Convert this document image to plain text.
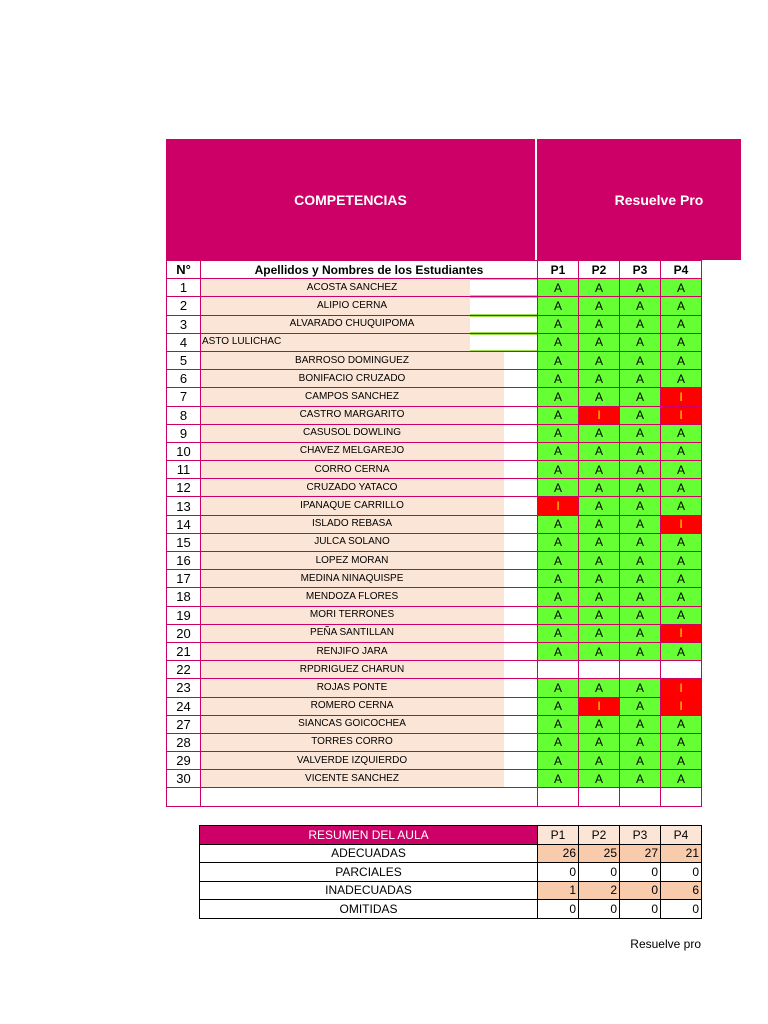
COMPETENCIAS	Resuelve Pro
N°	Apellidos y Nombres de los Estudiantes	P1	P2	P3	P4
1	ACOSTA SANCHEZ	A	A	A	A
2	ALIPIO CERNA	A	A	A	A
3	ALVARADO CHUQUIPOMA	A	A	A	A
4	ASTO LULICHAC	A	A	A	A
5	BARROSO DOMINGUEZ	A	A	A	A
6	BONIFACIO CRUZADO	A	A	A	A
7	CAMPOS SANCHEZ	A	A	A	I
8	CASTRO MARGARITO	A	I	A	I
9	CASUSOL DOWLING	A	A	A	A
10	CHAVEZ MELGAREJO	A	A	A	A
11	CORRO CERNA	A	A	A	A
12	CRUZADO YATACO	A	A	A	A
13	IPANAQUE CARRILLO	I	A	A	A
14	ISLADO REBASA	A	A	A	I
15	JULCA SOLANO	A	A	A	A
16	LOPEZ MORAN	A	A	A	A
17	MEDINA NINAQUISPE	A	A	A	A
18	MENDOZA FLORES	A	A	A	A
19	MORI TERRONES	A	A	A	A
20	PEÑA SANTILLAN	A	A	A	I
21	RENJIFO JARA	A	A	A	A
22	RPDRIGUEZ CHARUN				

23	ROJAS PONTE	A	A	A	I
24	ROMERO CERNA	A	I	A	I
27	SIANCAS GOICOCHEA	A	A	A	A
28	TORRES CORRO	A	A	A	A
29	VALVERDE IZQUIERDO	A	A	A	A
30	VICENTE SANCHEZ	A	A	A	A

RESUMEN DEL AULA	P1	P2	P3	P4
ADECUADAS	26	25	27	21
PARCIALES	0	0	0	0
INADECUADAS	1	2	0	6
OMITIDAS	0	0	0	0
Resuelve pro
